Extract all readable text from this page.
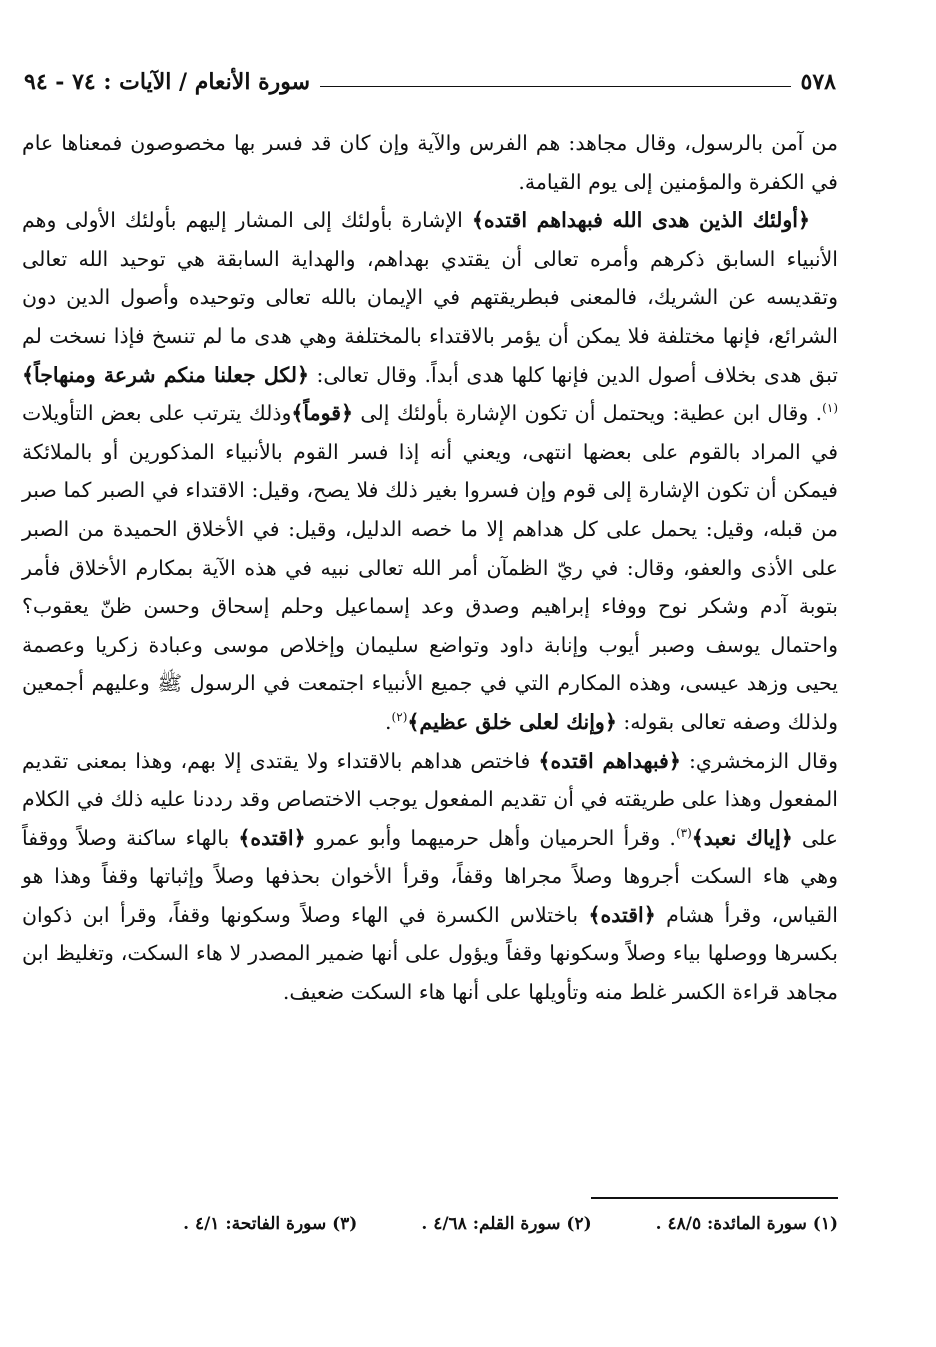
٥٧٨
سورة الأنعام / الآيات : ٧٤ - ٩٤

من آمن بالرسول، وقال مجاهد: هم الفرس والآية وإن كان قد فسر بها مخصوصون فمعناها عام في الكفرة والمؤمنين إلى يوم القيامة.

﴿أولئك الذين هدى الله فبهداهم اقتده﴾ الإشارة بأولئك إلى المشار إليهم بأولئك الأولى وهم الأنبياء السابق ذكرهم وأمره تعالى أن يقتدي بهداهم، والهداية السابقة هي توحيد الله تعالى وتقديسه عن الشريك، فالمعنى فبطريقتهم في الإيمان بالله تعالى وتوحيده وأصول الدين دون الشرائع، فإنها مختلفة فلا يمكن أن يؤمر بالاقتداء بالمختلفة وهي هدى ما لم تنسخ فإذا نسخت لم تبق هدى بخلاف أصول الدين فإنها كلها هدى أبداً. وقال تعالى: ﴿لكل جعلنا منكم شرعة ومنهاجاً﴾$^{(١)}$. وقال ابن عطية: ويحتمل أن تكون الإشارة بأولئك إلى ﴿قوماً﴾وذلك يترتب على بعض التأويلات في المراد بالقوم على بعضها انتهى، ويعني أنه إذا فسر القوم بالأنبياء المذكورين أو بالملائكة فيمكن أن تكون الإشارة إلى قوم وإن فسروا بغير ذلك فلا يصح، وقيل: الاقتداء في الصبر كما صبر من قبله، وقيل: يحمل على كل هداهم إلا ما خصه الدليل، وقيل: في الأخلاق الحميدة من الصبر على الأذى والعفو، وقال: في ريّ الظمآن أمر الله تعالى نبيه في هذه الآية بمكارم الأخلاق فأمر بتوبة آدم وشكر نوح ووفاء إبراهيم وصدق وعد إسماعيل وحلم إسحاق وحسن ظنّ يعقوب؟ واحتمال يوسف وصبر أيوب وإنابة داود وتواضع سليمان وإخلاص موسى وعبادة زكريا وعصمة يحيى وزهد عيسى، وهذه المكارم التي في جميع الأنبياء اجتمعت في الرسول ﷺ وعليهم أجمعين ولذلك وصفه تعالى بقوله: ﴿وإنك لعلى خلق عظيم﴾$^{(٢)}$.

وقال الزمخشري: ﴿فبهداهم اقتده﴾ فاختص هداهم بالاقتداء ولا يقتدى إلا بهم، وهذا بمعنى تقديم المفعول وهذا على طريقته في أن تقديم المفعول يوجب الاختصاص وقد رددنا عليه ذلك في الكلام على ﴿إياك نعبد﴾$^{(٣)}$. وقرأ الحرميان وأهل حرميهما وأبو عمرو ﴿اقتده﴾ بالهاء ساكنة وصلاً ووقفاً وهي هاء السكت أجروها وصلاً مجراها وقفاً، وقرأ الأخوان بحذفها وصلاً وإثباتها وقفاً وهذا هو القياس، وقرأ هشام ﴿اقتده﴾ باختلاس الكسرة في الهاء وصلاً وسكونها وقفاً، وقرأ ابن ذكوان بكسرها ووصلها بياء وصلاً وسكونها وقفاً ويؤول على أنها ضمير المصدر لا هاء السكت، وتغليظ ابن مجاهد قراءة الكسر غلط منه وتأويلها على أنها هاء السكت ضعيف.

(١) سورة المائدة: ٤٨/٥ .
(٢) سورة القلم: ٤/٦٨ .
(٣) سورة الفاتحة: ٤/١ .
